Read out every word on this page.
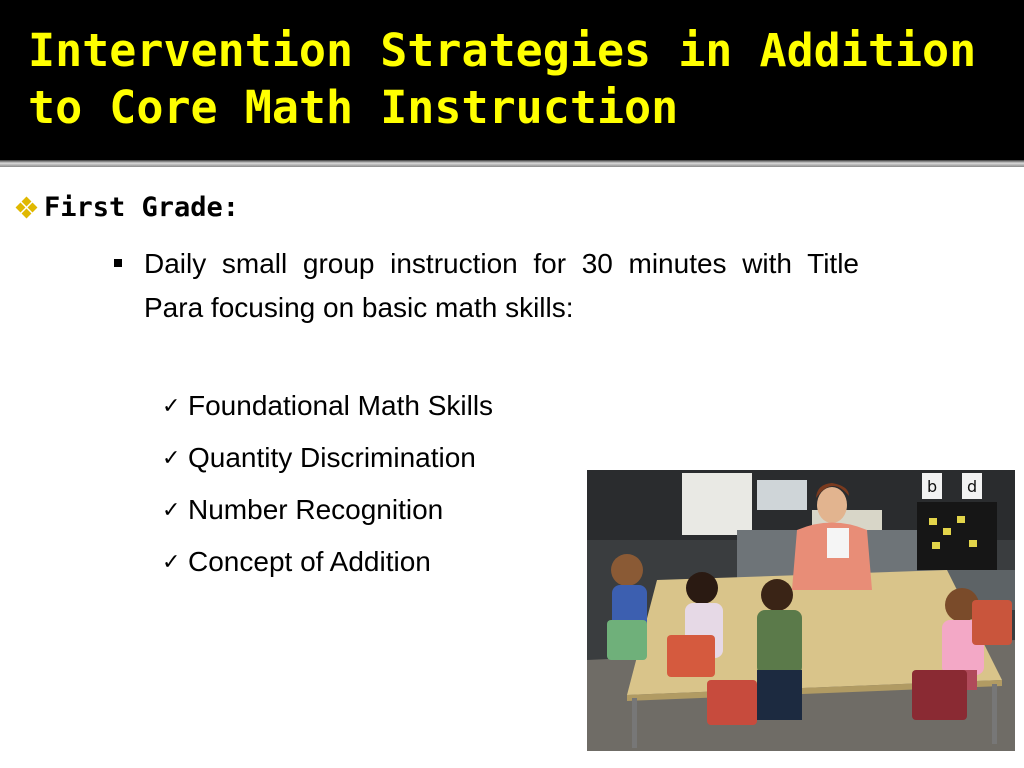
Intervention Strategies in Addition to Core Math Instruction
First Grade:
Daily small group instruction for 30 minutes with Title Para focusing on basic math skills:
✓ Foundational Math Skills
✓ Quantity Discrimination
✓ Number Recognition
✓ Concept of Addition
b d
